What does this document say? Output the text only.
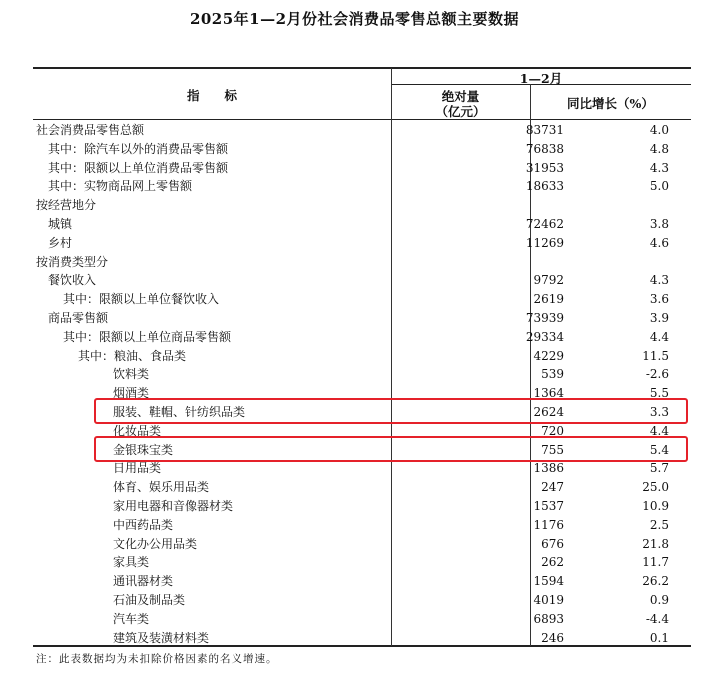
2025年1—2月份社会消费品零售总额主要数据
指　　标
1—2月
绝对量
（亿元）
同比增长（%）
社会消费品零售总额	83731	4.0
其中：除汽车以外的消费品零售额	76838	4.8
其中：限额以上单位消费品零售额	31953	4.3
其中：实物商品网上零售额	18633	5.0
按经营地分
城镇	72462	3.8
乡村	11269	4.6
按消费类型分
餐饮收入	9792	4.3
其中：限额以上单位餐饮收入	2619	3.6
商品零售额	73939	3.9
其中：限额以上单位商品零售额	29334	4.4
其中：粮油、食品类	4229	11.5
饮料类	539	-2.6
烟酒类	1364	5.5
服装、鞋帽、针纺织品类	2624	3.3
化妆品类	720	4.4
金银珠宝类	755	5.4
日用品类	1386	5.7
体育、娱乐用品类	247	25.0
家用电器和音像器材类	1537	10.9
中西药品类	1176	2.5
文化办公用品类	676	21.8
家具类	262	11.7
通讯器材类	1594	26.2
石油及制品类	4019	0.9
汽车类	6893	-4.4
建筑及装潢材料类	246	0.1
注：此表数据均为未扣除价格因素的名义增速。
